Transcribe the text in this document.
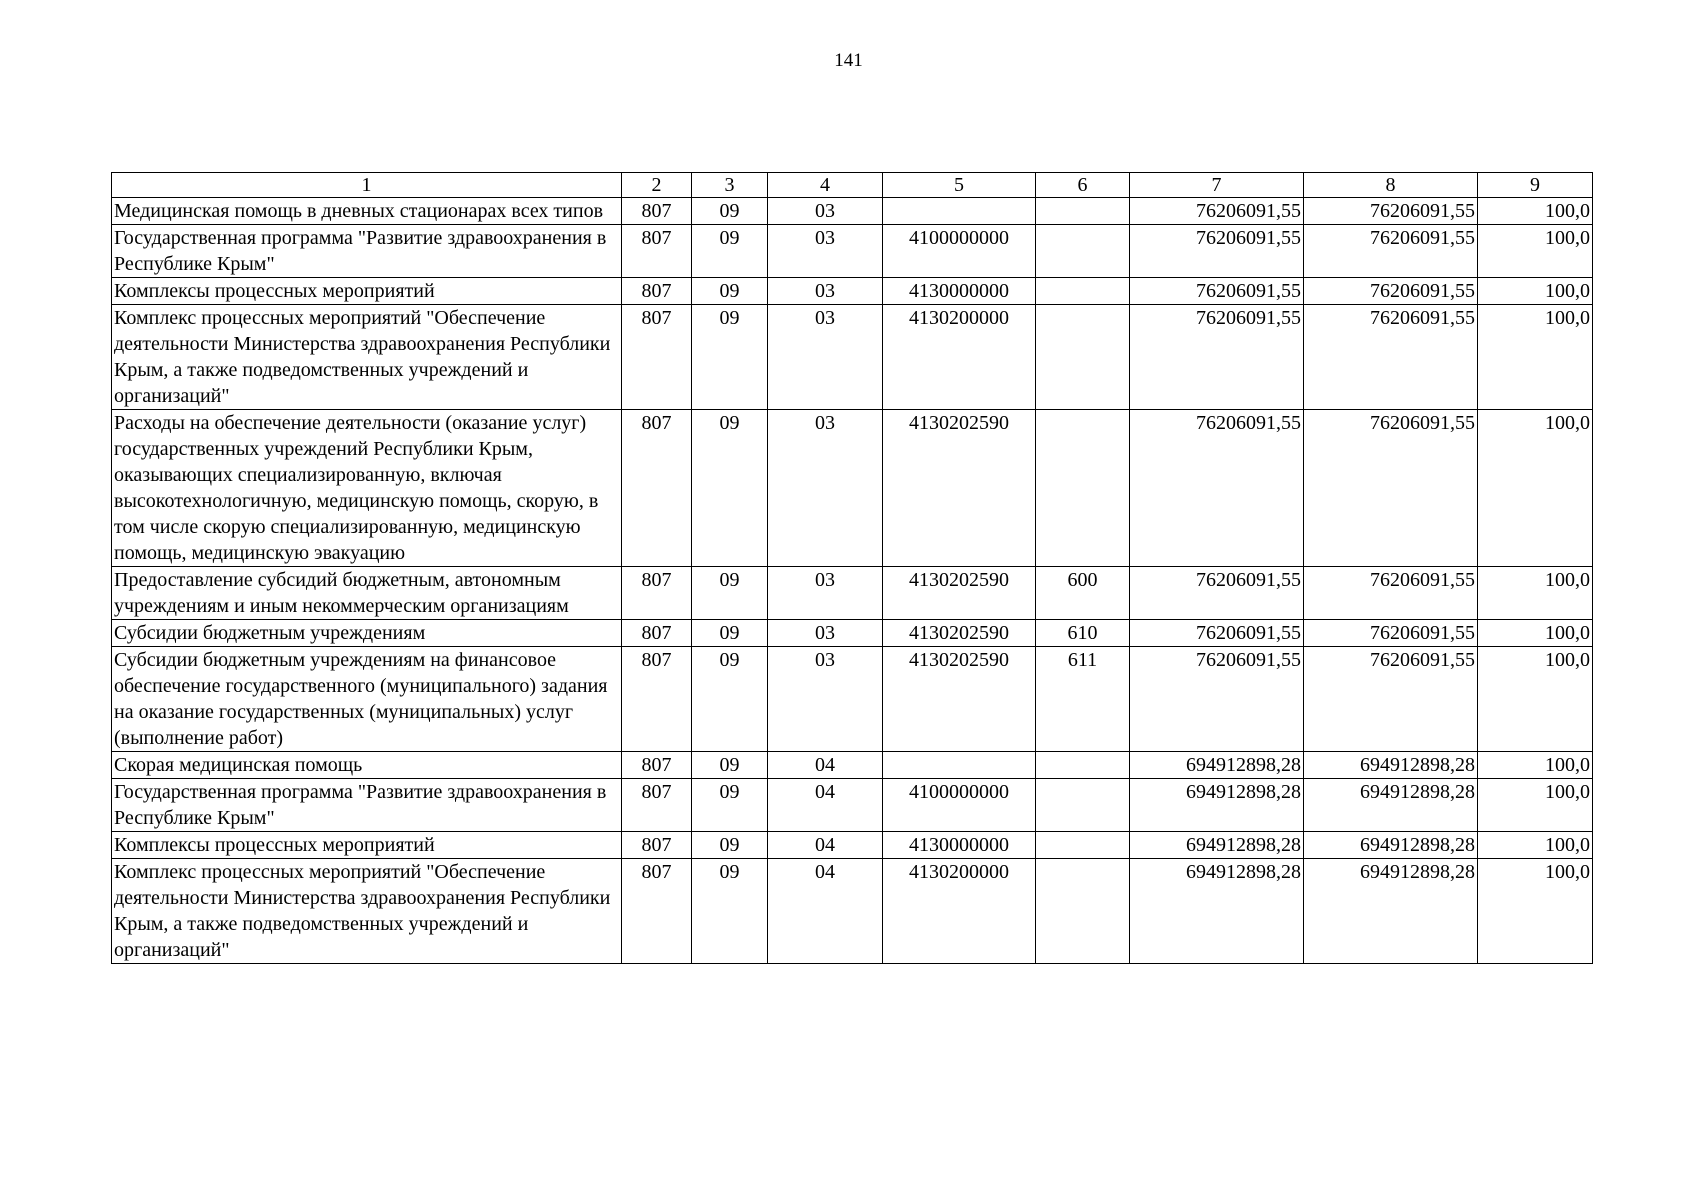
141
1	2	3	4	5	6	7	8	9
Медицинская помощь в дневных стационарах всех типов	807	09	03			76206091,55	76206091,55	100,0
Государственная программа "Развитие здравоохранения в Республике Крым"	807	09	03	4100000000		76206091,55	76206091,55	100,0
Комплексы процессных мероприятий	807	09	03	4130000000		76206091,55	76206091,55	100,0
Комплекс процессных мероприятий "Обеспечение деятельности Министерства здравоохранения Республики Крым, а также подведомственных учреждений и организаций"	807	09	03	4130200000		76206091,55	76206091,55	100,0
Расходы на обеспечение деятельности (оказание услуг) государственных учреждений Республики Крым, оказывающих специализированную, включая высокотехнологичную, медицинскую помощь, скорую, в том числе скорую специализированную, медицинскую помощь, медицинскую эвакуацию	807	09	03	4130202590		76206091,55	76206091,55	100,0
Предоставление субсидий бюджетным, автономным учреждениям и иным некоммерческим организациям	807	09	03	4130202590	600	76206091,55	76206091,55	100,0
Субсидии бюджетным учреждениям	807	09	03	4130202590	610	76206091,55	76206091,55	100,0
Субсидии бюджетным учреждениям на финансовое обеспечение государственного (муниципального) задания на оказание государственных (муниципальных) услуг (выполнение работ)	807	09	03	4130202590	611	76206091,55	76206091,55	100,0
Скорая медицинская помощь	807	09	04			694912898,28	694912898,28	100,0
Государственная программа "Развитие здравоохранения в Республике Крым"	807	09	04	4100000000		694912898,28	694912898,28	100,0
Комплексы процессных мероприятий	807	09	04	4130000000		694912898,28	694912898,28	100,0
Комплекс процессных мероприятий "Обеспечение деятельности Министерства здравоохранения Республики Крым, а также подведомственных учреждений и организаций"	807	09	04	4130200000		694912898,28	694912898,28	100,0
